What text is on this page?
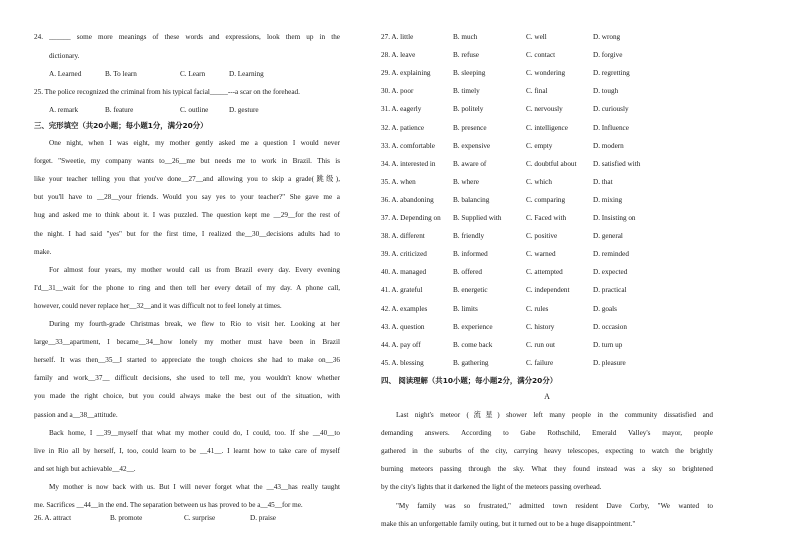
24. ______ some more meanings of these words and expressions, look them up in the
dictionary.
A. Learned	B. To learn	C. Learn	D. Learning
25. The police recognized the criminal from his typical facial_____---a scar on the forehead.
A. remark	B. feature	C. outline	D. gesture
三、完形填空（共20小题；每小题1分，满分20分）
One night, when I was eight, my mother gently asked me a question I would never
forget. "Sweetie, my company wants to__26__me but needs me to work in Brazil. This is
like your teacher telling you that you've done__27__and allowing you to skip a grade(跳级),
but you'll have to __28__your friends. Would you say yes to your teacher?" She gave me a
hug and asked me to think about it. I was puzzled. The question kept me __29__for the rest of
the night. I had said "yes" but for the first time, I realized the__30__decisions adults had to
make.
For almost four years, my mother would call us from Brazil every day. Every evening
I'd__31__wait for the phone to ring and then tell her every detail of my day. A phone call,
however, could never replace her__32__and it was difficult not to feel lonely at times.
During my fourth-grade Christmas break, we flew to Rio to visit her. Looking at her
large__33__apartment, I became__34__how lonely my mother must have been in Brazil
herself. It was then__35__I started to appreciate the tough choices she had to make on__36
family and work__37__ difficult decisions, she used to tell me, you wouldn't know whether
you made the right choice, but you could always make the best out of the situation, with
passion and a__38__attitude.
Back home, I __39__myself that what my mother could do, I could, too. If she __40__to
live in Rio all by herself, I, too, could learn to be __41__. I learnt how to take care of myself
and set high but achievable__42__.
My mother is now back with us. But I will never forget what the __43__has really taught
me. Sacrifices __44__in the end. The separation between us has proved to be a__45__for me.
26. A. attract	B. promote	C. surprise	D. praise
27. A. little	B. much	C. well	D. wrong
28. A. leave	B. refuse	C. contact	D. forgive
29. A. explaining	B. sleeping	C. wondering	D. regretting
30. A. poor	B. timely	C. final	D. tough
31. A. eagerly	B. politely	C. nervously	D. curiously
32. A. patience	B. presence	C. intelligence	D. Influence
33. A. comfortable	B. expensive	C. empty	D. modern
34. A. interested in B. aware of	C. doubtful about D. satisfied with
35. A. when	B. where	C. which	D. that
36. A. abandoning	B. balancing	C. comparing	D. mixing
37. A. Depending on B. Supplied with	C. Faced with	D. Insisting on
38. A. different	B. friendly	C. positive	D. general
39. A. criticized	B. informed	C. warned	D. reminded
40. A. managed	B. offered	C. attempted	D. expected
41. A. grateful	B. energetic	C. independent	D. practical
42. A. examples	B. limits	C. rules	D. goals
43. A. question	B. experience	C. history	D. occasion
44. A. pay off	B. come back	C. run out	D. turn up
45. A. blessing	B. gathering	C. failure	D. pleasure
四、 阅读理解（共10小题；每小题2分，满分20分）
A
Last night's meteor (流星) shower left many people in the community dissatisfied and
demanding answers. According to Gabe Rothschild, Emerald Valley's mayor, people
gathered in the suburbs of the city, carrying heavy telescopes, expecting to watch the brightly
burning meteors passing through the sky. What they found instead was a sky so brightened
by the city's lights that it darkened the light of the meteors passing overhead.
"My family was so frustrated," admitted town resident Dave Corby, "We wanted to
make this an unforgettable family outing, but it turned out to be a huge disappointment."
